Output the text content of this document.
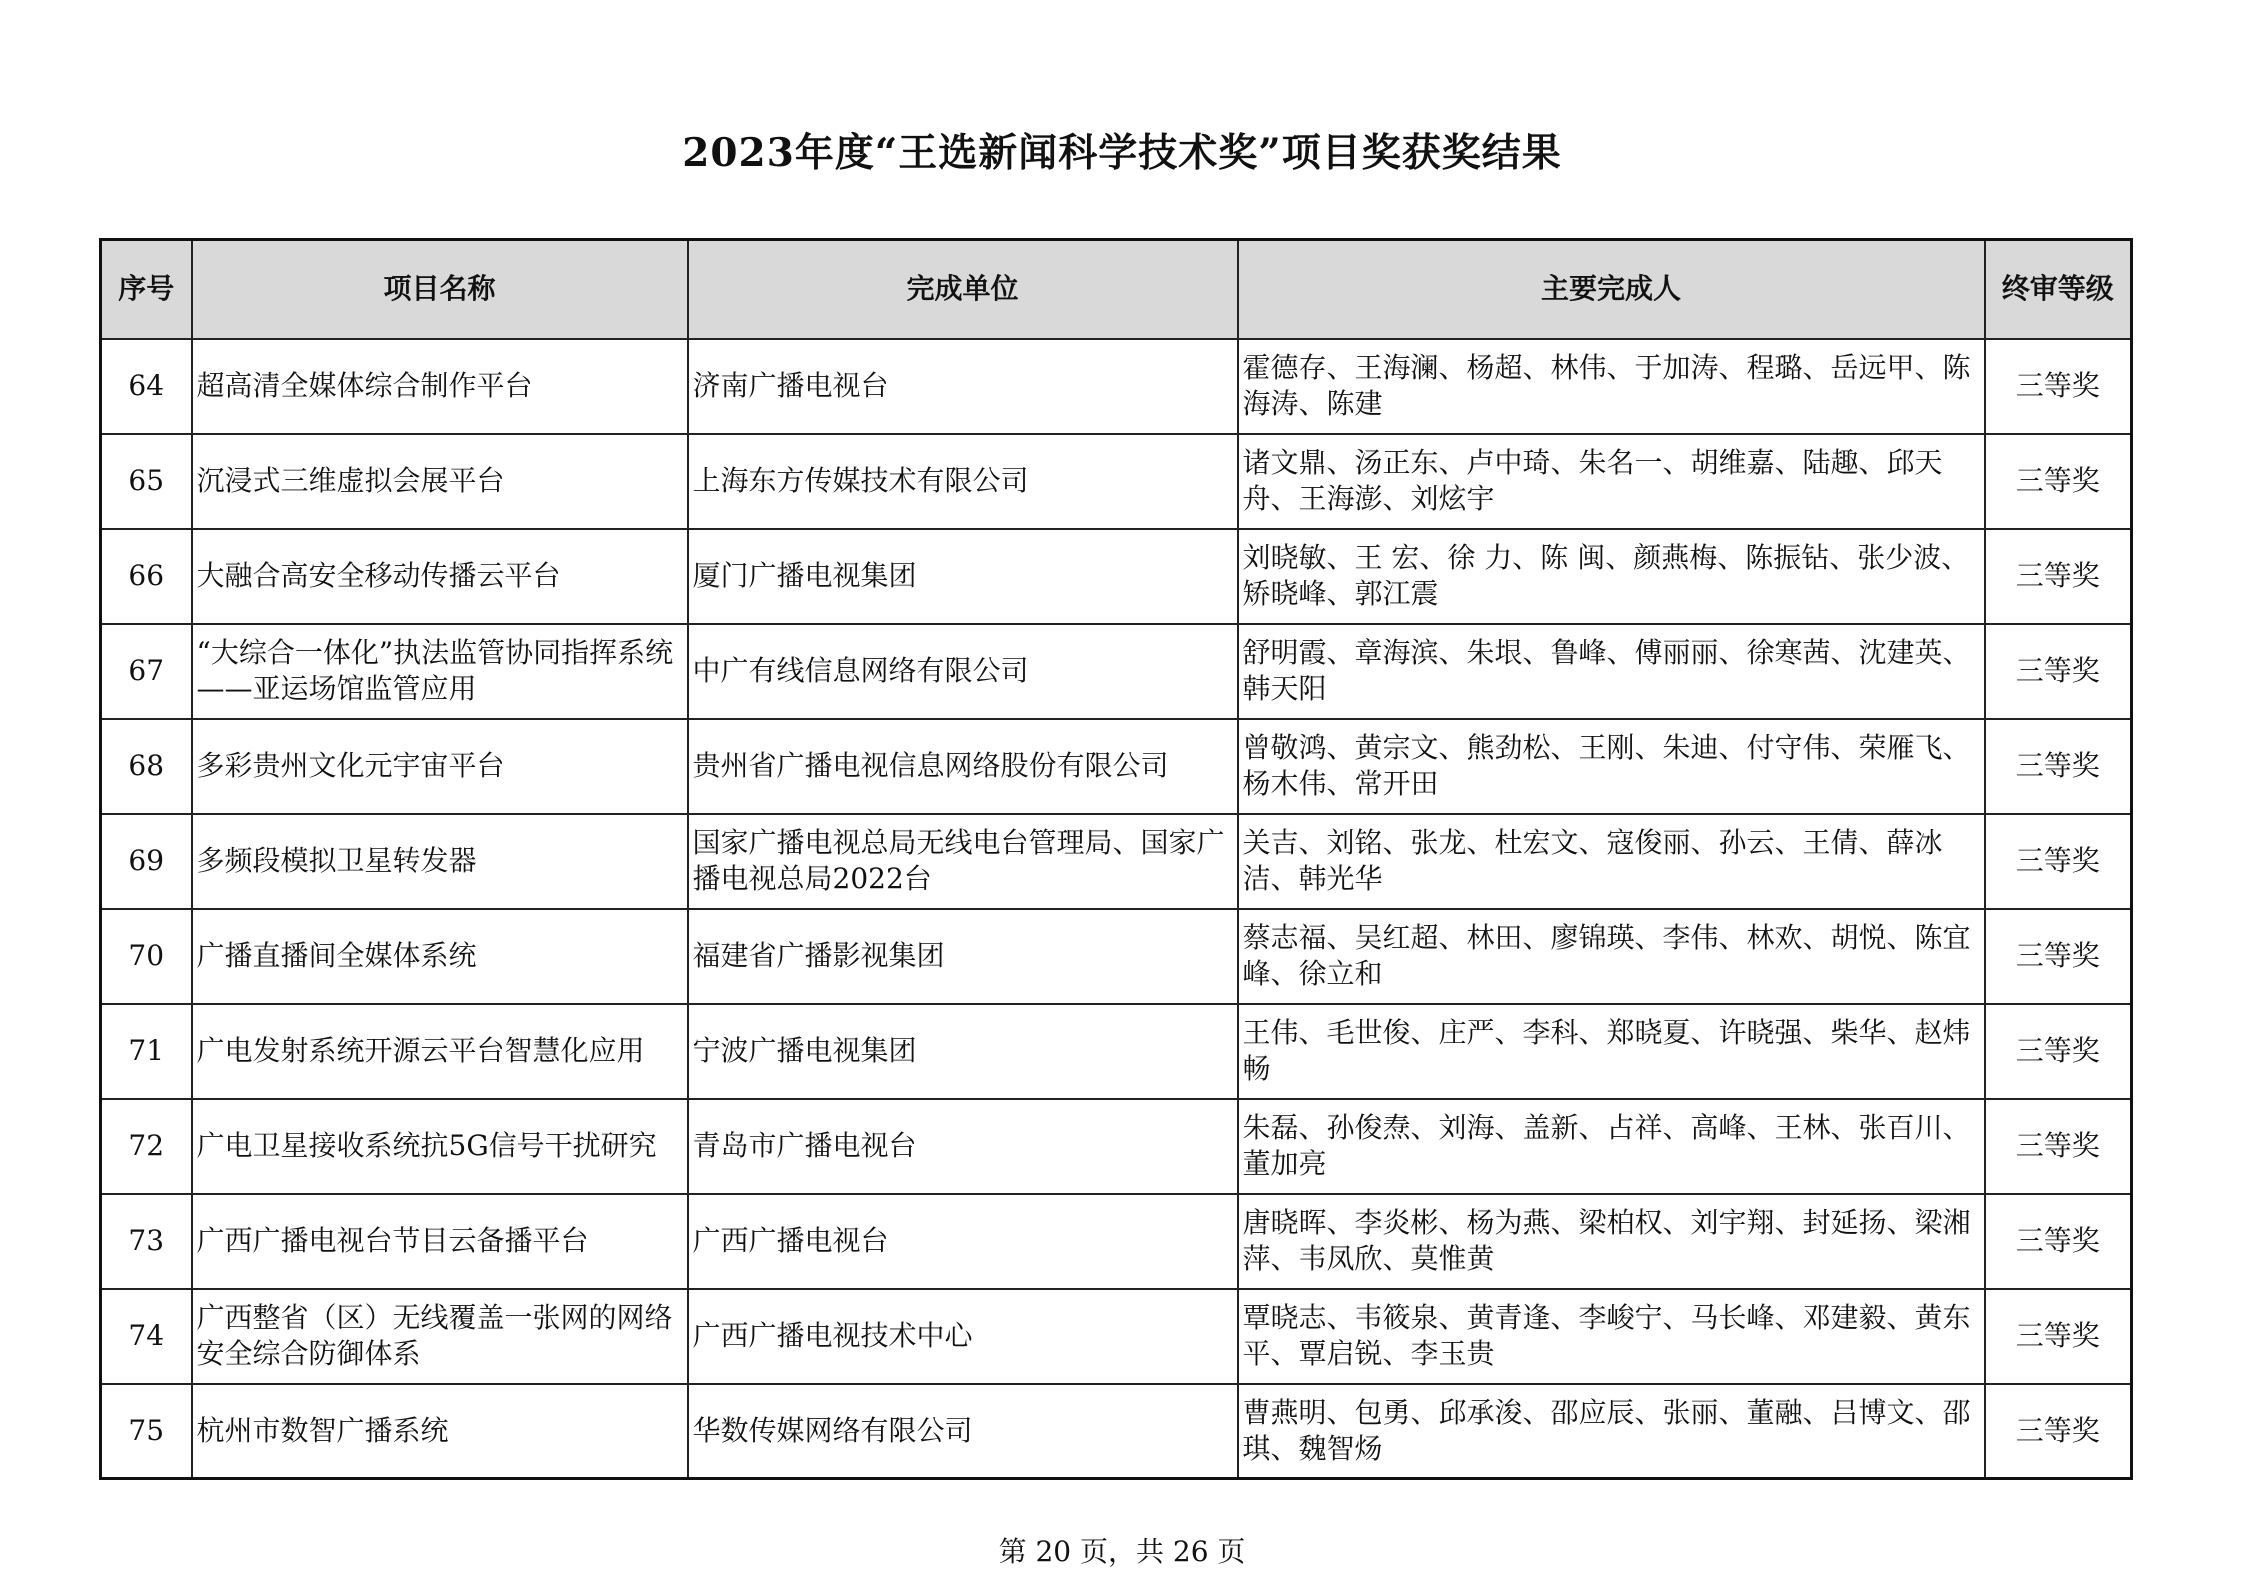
2023年度“王选新闻科学技术奖”项目奖获奖结果
序号	项目名称	完成单位	主要完成人	终审等级
64	超高清全媒体综合制作平台	济南广播电视台	霍德存、王海澜、杨超、林伟、于加涛、程璐、岳远甲、陈海涛、陈建	三等奖
65	沉浸式三维虚拟会展平台	上海东方传媒技术有限公司	诸文鼎、汤正东、卢中琦、朱名一、胡维嘉、陆趣、邱天舟、王海澎、刘炫宇	三等奖
66	大融合高安全移动传播云平台	厦门广播电视集团	刘晓敏、王 宏、徐 力、陈 闽、颜燕梅、陈振钻、张少波、矫晓峰、郭江震	三等奖
67	“大综合一体化”执法监管协同指挥系统——亚运场馆监管应用	中广有线信息网络有限公司	舒明霞、章海滨、朱垠、鲁峰、傅丽丽、徐寒茜、沈建英、韩天阳	三等奖
68	多彩贵州文化元宇宙平台	贵州省广播电视信息网络股份有限公司	曾敬鸿、黄宗文、熊劲松、王刚、朱迪、付守伟、荣雁飞、杨木伟、常开田	三等奖
69	多频段模拟卫星转发器	国家广播电视总局无线电台管理局、国家广播电视总局2022台	关吉、刘铭、张龙、杜宏文、寇俊丽、孙云、王倩、薛冰洁、韩光华	三等奖
70	广播直播间全媒体系统	福建省广播影视集团	蔡志福、吴红超、林田、廖锦瑛、李伟、林欢、胡悦、陈宜峰、徐立和	三等奖
71	广电发射系统开源云平台智慧化应用	宁波广播电视集团	王伟、毛世俊、庄严、李科、郑晓夏、许晓强、柴华、赵炜畅	三等奖
72	广电卫星接收系统抗5G信号干扰研究	青岛市广播电视台	朱磊、孙俊焘、刘海、盖新、占祥、高峰、王林、张百川、董加亮	三等奖
73	广西广播电视台节目云备播平台	广西广播电视台	唐晓晖、李炎彬、杨为燕、梁柏权、刘宇翔、封延扬、梁湘萍、韦凤欣、莫惟黄	三等奖
74	广西整省（区）无线覆盖一张网的网络安全综合防御体系	广西广播电视技术中心	覃晓志、韦筱泉、黄青逢、李峻宁、马长峰、邓建毅、黄东平、覃启锐、李玉贵	三等奖
75	杭州市数智广播系统	华数传媒网络有限公司	曹燕明、包勇、邱承浚、邵应辰、张丽、董融、吕博文、邵琪、魏智炀	三等奖
第 20 页，共 26 页
